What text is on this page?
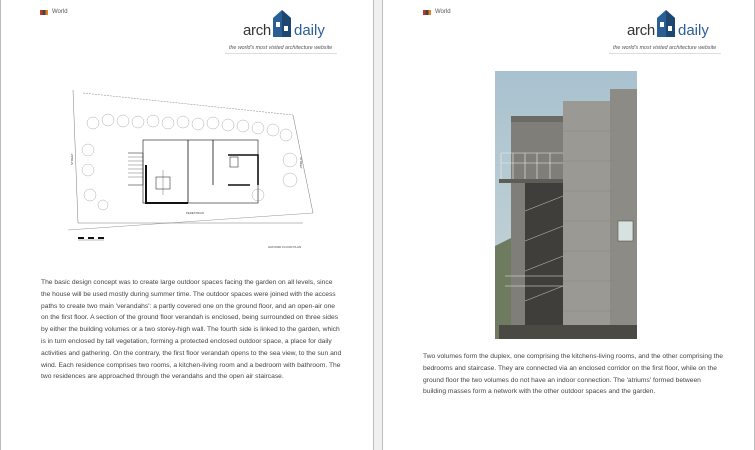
World
arch daily
the world's most visited architecture website
STREET	STREET
PEDESTRIAN
GROUND FLOOR PLAN
The basic design concept was to create large outdoor spaces facing the garden on all levels, since the house will be used mostly during summer time. The outdoor spaces were joined with the access paths to create two main 'verandahs': a partly covered one on the ground floor, and an open-air one on the first floor. A section of the ground floor verandah is enclosed, being surrounded on three sides by either the building volumes or a two storey-high wall. The fourth side is linked to the garden, which is in turn enclosed by tall vegetation, forming a protected enclosed outdoor space, a place for daily activities and gathering. On the contrary, the first floor verandah opens to the sea view, to the sun and wind. Each residence comprises two rooms, a kitchen-living room and a bedroom with bathroom. The two residences are approached through the verandahs and the open air staircase.
World
arch daily
the world's most visited architecture website
Two volumes form the duplex, one comprising the kitchens-living rooms, and the other comprising the bedrooms and staircase. They are connected via an enclosed corridor on the first floor, while on the ground floor the two volumes do not have an indoor connection. The 'atriums' formed between building masses form a network with the other outdoor spaces and the garden.
